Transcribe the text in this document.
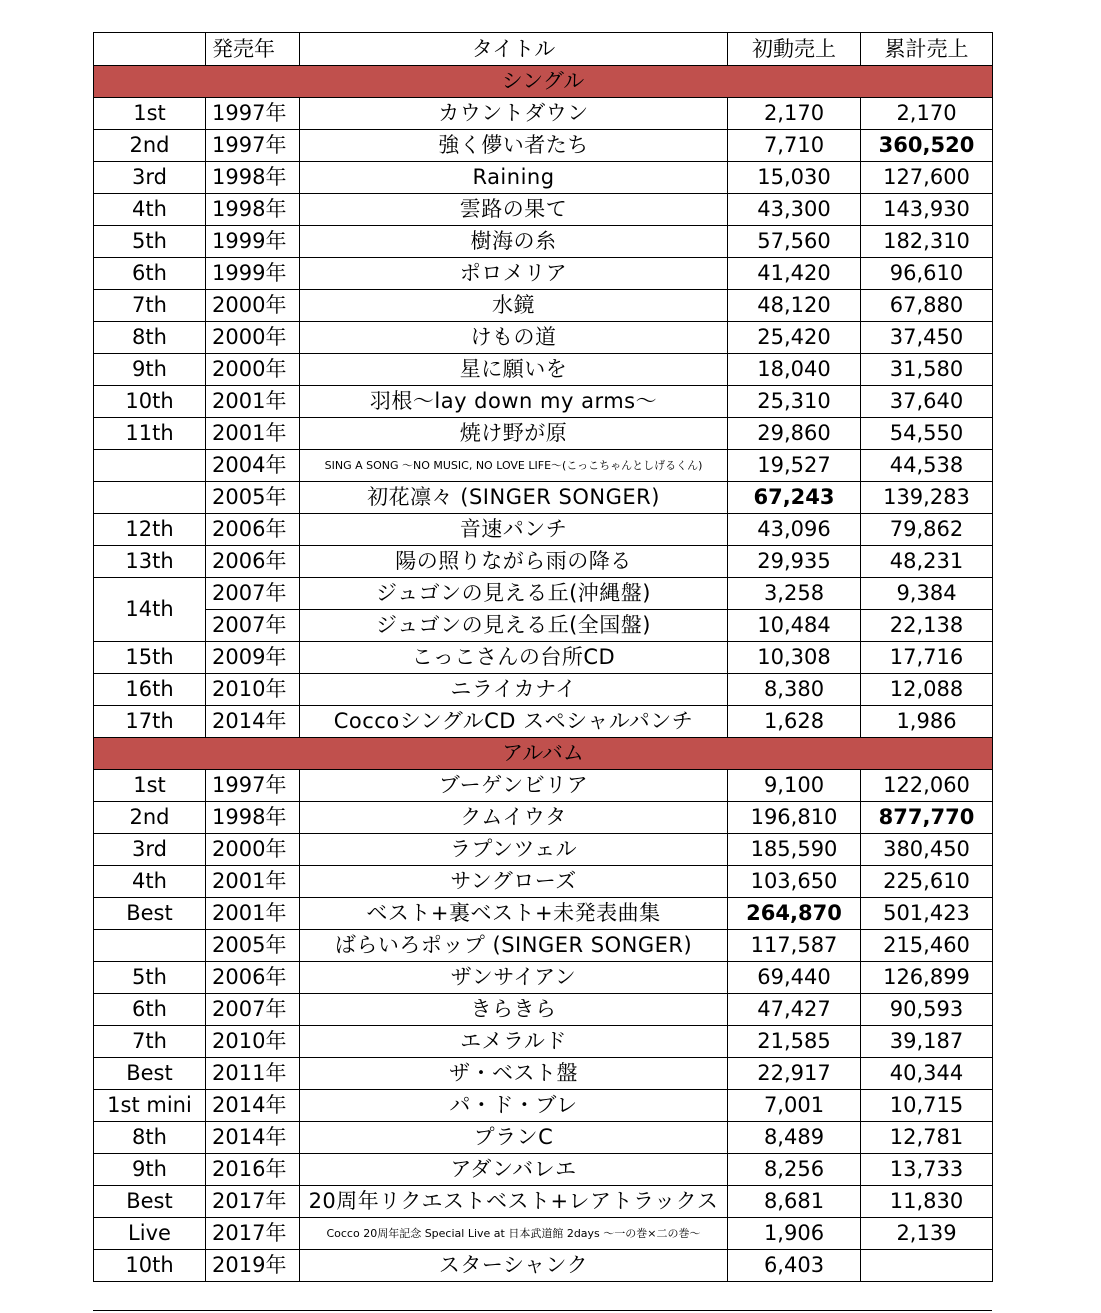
	発売年	タイトル	初動売上	累計売上
シングル				
1st	1997年	カウントダウン	2,170	2,170
2nd	1997年	強く儚い者たち	7,710	360,520
3rd	1998年	Raining	15,030	127,600
4th	1998年	雲路の果て	43,300	143,930
5th	1999年	樹海の糸	57,560	182,310
6th	1999年	ポロメリア	41,420	96,610
7th	2000年	水鏡	48,120	67,880
8th	2000年	けもの道	25,420	37,450
9th	2000年	星に願いを	18,040	31,580
10th	2001年	羽根～lay down my arms～	25,310	37,640
11th	2001年	焼け野が原	29,860	54,550
	2004年	SING A SONG ～NO MUSIC, NO LOVE LIFE～(こっこちゃんとしげるくん)	19,527	44,538
	2005年	初花凛々 (SINGER SONGER)	67,243	139,283
12th	2006年	音速パンチ	43,096	79,862
13th	2006年	陽の照りながら雨の降る	29,935	48,231
14th	2007年	ジュゴンの見える丘(沖縄盤)	3,258	9,384
	2007年	ジュゴンの見える丘(全国盤)	10,484	22,138
15th	2009年	こっこさんの台所CD	10,308	17,716
16th	2010年	ニライカナイ	8,380	12,088
17th	2014年	CoccoシングルCD スペシャルパンチ	1,628	1,986
アルバム				
1st	1997年	ブーゲンビリア	9,100	122,060
2nd	1998年	クムイウタ	196,810	877,770
3rd	2000年	ラプンツェル	185,590	380,450
4th	2001年	サングローズ	103,650	225,610
Best	2001年	ベスト+裏ベスト+未発表曲集	264,870	501,423
	2005年	ばらいろポップ (SINGER SONGER)	117,587	215,460
5th	2006年	ザンサイアン	69,440	126,899
6th	2007年	きらきら	47,427	90,593
7th	2010年	エメラルド	21,585	39,187
Best	2011年	ザ・ベスト盤	22,917	40,344
1st mini	2014年	パ・ド・ブレ	7,001	10,715
8th	2014年	プランC	8,489	12,781
9th	2016年	アダンバレエ	8,256	13,733
Best	2017年	20周年リクエストベスト+レアトラックス	8,681	11,830
Live	2017年	Cocco 20周年記念 Special Live at 日本武道館 2days ～一の巻×二の巻～	1,906	2,139
10th	2019年	スターシャンク	6,403	
